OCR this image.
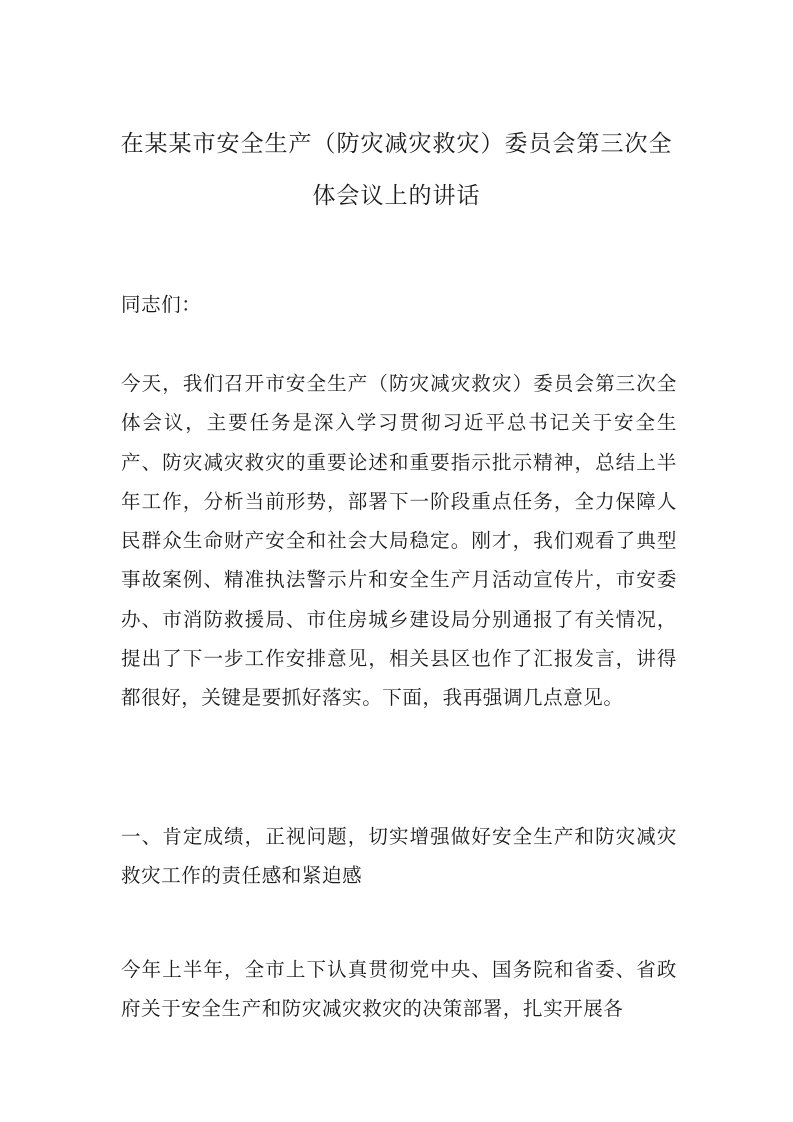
在某某市安全生产（防灾减灾救灾）委员会第三次全体会议上的讲话

同志们：

今天，我们召开市安全生产（防灾减灾救灾）委员会第三次全体会议，主要任务是深入学习贯彻习近平总书记关于安全生产、防灾减灾救灾的重要论述和重要指示批示精神，总结上半年工作，分析当前形势，部署下一阶段重点任务，全力保障人民群众生命财产安全和社会大局稳定。刚才，我们观看了典型事故案例、精准执法警示片和安全生产月活动宣传片，市安委办、市消防救援局、市住房城乡建设局分别通报了有关情况，提出了下一步工作安排意见，相关县区也作了汇报发言，讲得都很好，关键是要抓好落实。下面，我再强调几点意见。

一、肯定成绩，正视问题，切实增强做好安全生产和防灾减灾救灾工作的责任感和紧迫感

今年上半年，全市上下认真贯彻党中央、国务院和省委、省政府关于安全生产和防灾减灾救灾的决策部署，扎实开展各
